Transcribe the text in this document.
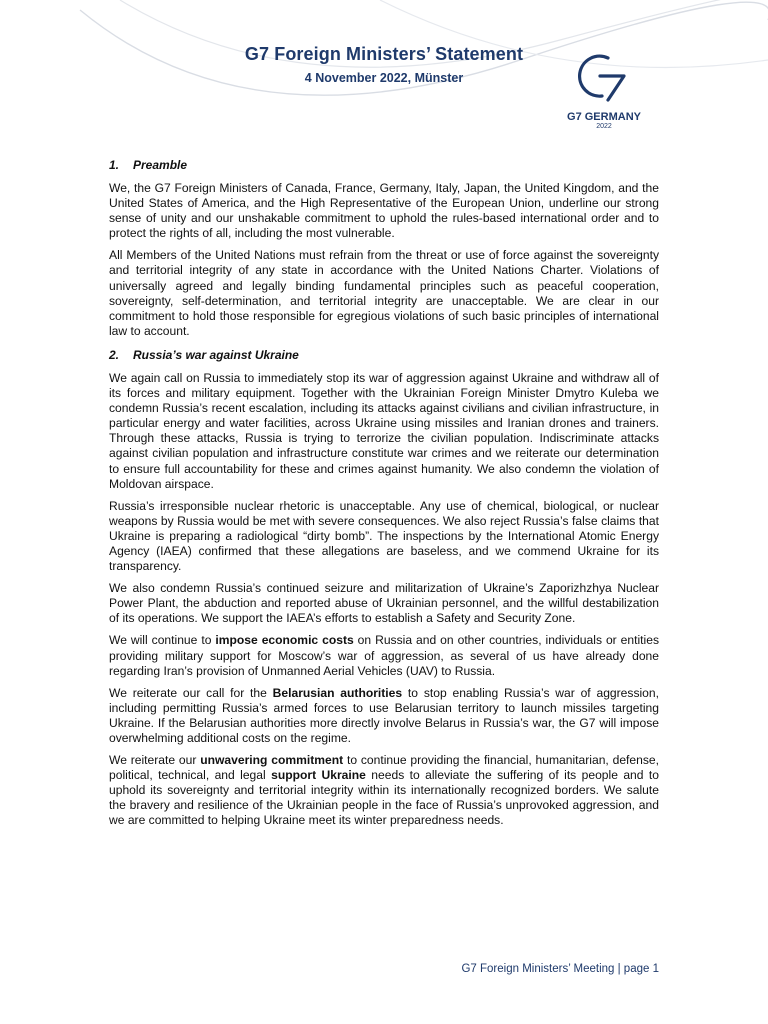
G7 Foreign Ministers’ Statement
4 November 2022, Münster
G7 GERMANY
2022
1. Preamble

We, the G7 Foreign Ministers of Canada, France, Germany, Italy, Japan, the United Kingdom, and the United States of America, and the High Representative of the European Union, underline our strong sense of unity and our unshakable commitment to uphold the rules-based international order and to protect the rights of all, including the most vulnerable.

All Members of the United Nations must refrain from the threat or use of force against the sovereignty and territorial integrity of any state in accordance with the United Nations Charter. Violations of universally agreed and legally binding fundamental principles such as peaceful cooperation, sovereignty, self-determination, and territorial integrity are unacceptable. We are clear in our commitment to hold those responsible for egregious violations of such basic principles of international law to account.

2. Russia’s war against Ukraine

We again call on Russia to immediately stop its war of aggression against Ukraine and withdraw all of its forces and military equipment. Together with the Ukrainian Foreign Minister Dmytro Kuleba we condemn Russia’s recent escalation, including its attacks against civilians and civilian infrastructure, in particular energy and water facilities, across Ukraine using missiles and Iranian drones and trainers. Through these attacks, Russia is trying to terrorize the civilian population. Indiscriminate attacks against civilian population and infrastructure constitute war crimes and we reiterate our determination to ensure full accountability for these and crimes against humanity. We also condemn the violation of Moldovan airspace.

Russia’s irresponsible nuclear rhetoric is unacceptable. Any use of chemical, biological, or nuclear weapons by Russia would be met with severe consequences. We also reject Russia’s false claims that Ukraine is preparing a radiological “dirty bomb”. The inspections by the International Atomic Energy Agency (IAEA) confirmed that these allegations are baseless, and we commend Ukraine for its transparency.

We also condemn Russia’s continued seizure and militarization of Ukraine’s Zaporizhzhya Nuclear Power Plant, the abduction and reported abuse of Ukrainian personnel, and the willful destabilization of its operations. We support the IAEA’s efforts to establish a Safety and Security Zone.

We will continue to impose economic costs on Russia and on other countries, individuals or entities providing military support for Moscow’s war of aggression, as several of us have already done regarding Iran’s provision of Unmanned Aerial Vehicles (UAV) to Russia.

We reiterate our call for the Belarusian authorities to stop enabling Russia’s war of aggression, including permitting Russia’s armed forces to use Belarusian territory to launch missiles targeting Ukraine. If the Belarusian authorities more directly involve Belarus in Russia’s war, the G7 will impose overwhelming additional costs on the regime.

We reiterate our unwavering commitment to continue providing the financial, humanitarian, defense, political, technical, and legal support Ukraine needs to alleviate the suffering of its people and to uphold its sovereignty and territorial integrity within its internationally recognized borders. We salute the bravery and resilience of the Ukrainian people in the face of Russia’s unprovoked aggression, and we are committed to helping Ukraine meet its winter preparedness needs.

G7 Foreign Ministers’ Meeting | page 1
